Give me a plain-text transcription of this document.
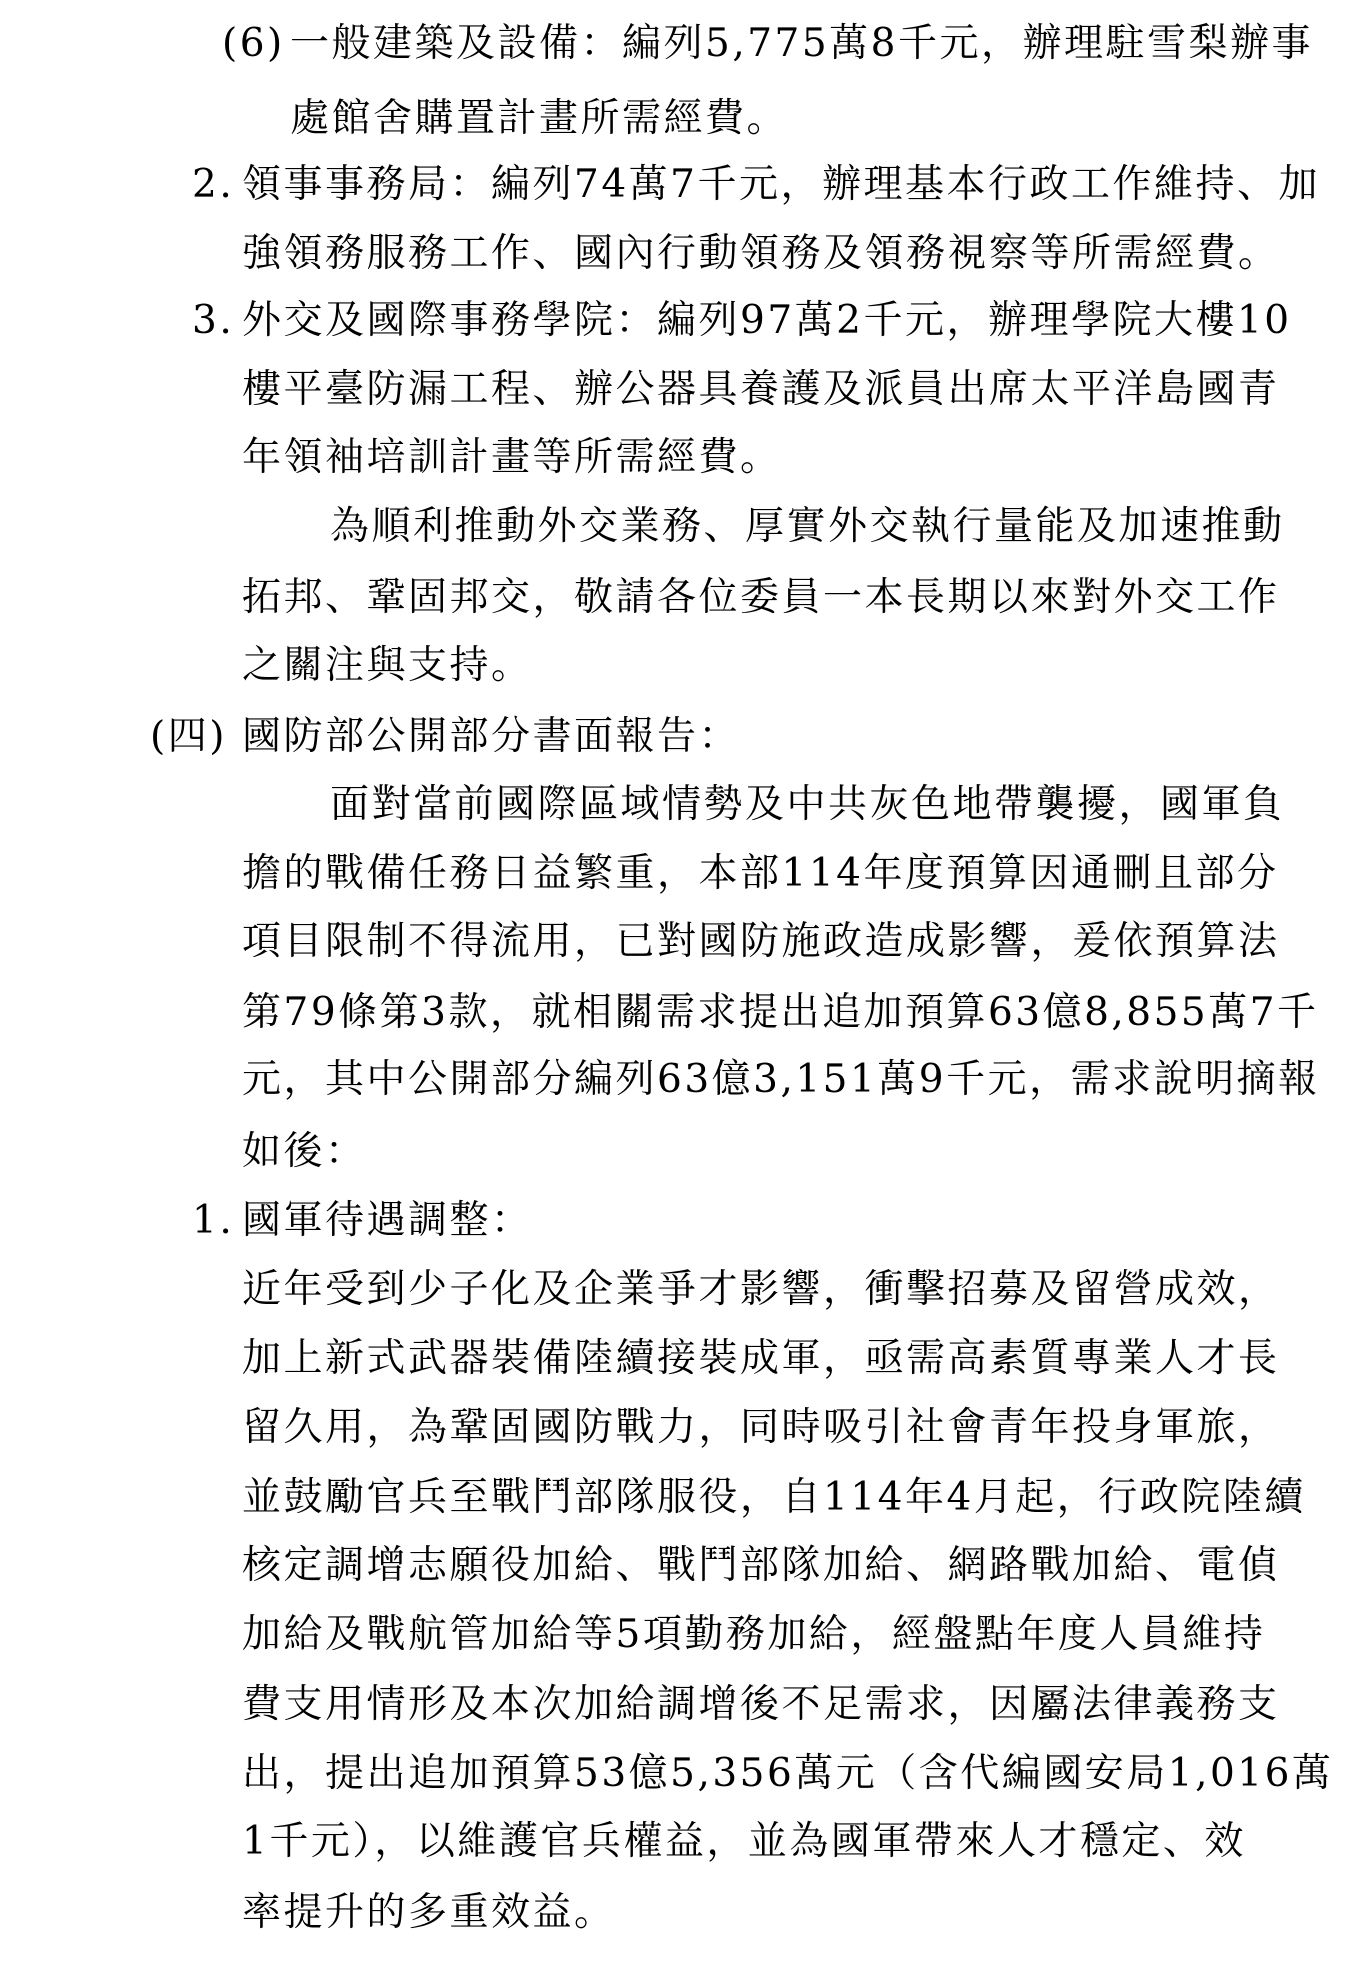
(6) 一般建築及設備：編列5,775萬8千元，辦理駐雪梨辦事
處館舍購置計畫所需經費。
2. 領事事務局：編列74萬7千元，辦理基本行政工作維持、加
強領務服務工作、國內行動領務及領務視察等所需經費。
3. 外交及國際事務學院：編列97萬2千元，辦理學院大樓10
樓平臺防漏工程、辦公器具養護及派員出席太平洋島國青
年領袖培訓計畫等所需經費。
為順利推動外交業務、厚實外交執行量能及加速推動
拓邦、鞏固邦交，敬請各位委員一本長期以來對外交工作
之關注與支持。
(四) 國防部公開部分書面報告：
面對當前國際區域情勢及中共灰色地帶襲擾，國軍負
擔的戰備任務日益繁重，本部114年度預算因通刪且部分
項目限制不得流用，已對國防施政造成影響，爰依預算法
第79條第3款，就相關需求提出追加預算63億8,855萬7千
元，其中公開部分編列63億3,151萬9千元，需求說明摘報
如後：
1. 國軍待遇調整：
近年受到少子化及企業爭才影響，衝擊招募及留營成效，
加上新式武器裝備陸續接裝成軍，亟需高素質專業人才長
留久用，為鞏固國防戰力，同時吸引社會青年投身軍旅，
並鼓勵官兵至戰鬥部隊服役，自114年4月起，行政院陸續
核定調增志願役加給、戰鬥部隊加給、網路戰加給、電偵
加給及戰航管加給等5項勤務加給，經盤點年度人員維持
費支用情形及本次加給調增後不足需求，因屬法律義務支
出，提出追加預算53億5,356萬元（含代編國安局1,016萬
1千元），以維護官兵權益，並為國軍帶來人才穩定、效
率提升的多重效益。
